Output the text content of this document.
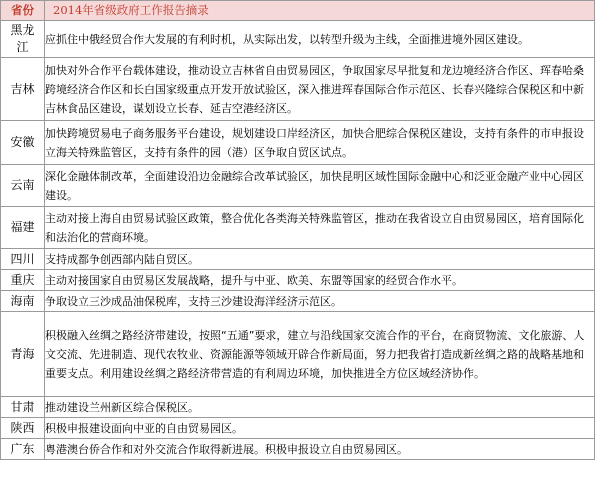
省份	2014年省级政府工作报告摘录
黑龙江	应抓住中俄经贸合作大发展的有利时机，从实际出发，以转型升级为主线，全面推进境外园区建设。
吉林	加快对外合作平台载体建设，推动设立吉林省自由贸易园区，争取国家尽早批复和龙边境经济合作区、珲春哈桑跨境经济合作区和长白国家级重点开发开放试验区，深入推进珲春国际合作示范区、长春兴隆综合保税区和中新吉林食品区建设，谋划设立长春、延吉空港经济区。
安徽	加快跨境贸易电子商务服务平台建设，规划建设口岸经济区，加快合肥综合保税区建设，支持有条件的市申报设立海关特殊监管区，支持有条件的园（港）区争取自贸区试点。
云南	深化金融体制改革，全面建设沿边金融综合改革试验区，加快昆明区域性国际金融中心和泛亚金融产业中心园区建设。
福建	主动对接上海自由贸易试验区政策，整合优化各类海关特殊监管区，推动在我省设立自由贸易园区，培育国际化和法治化的营商环境。
四川	支持成都争创西部内陆自贸区。
重庆	主动对接国家自由贸易区发展战略，提升与中亚、欧美、东盟等国家的经贸合作水平。
海南	争取设立三沙成品油保税库，支持三沙建设海洋经济示范区。
青海	积极融入丝绸之路经济带建设，按照“五通”要求，建立与沿线国家交流合作的平台，在商贸物流、文化旅游、人文交流、先进制造、现代农牧业、资源能源等领域开辟合作新局面，努力把我省打造成新丝绸之路的战略基地和重要支点。利用建设丝绸之路经济带营造的有利周边环境，加快推进全方位区域经济协作。
甘肃	推动建设兰州新区综合保税区。
陕西	积极申报建设面向中亚的自由贸易园区。
广东	粤港澳台侨合作和对外交流合作取得新进展。积极申报设立自由贸易园区。
